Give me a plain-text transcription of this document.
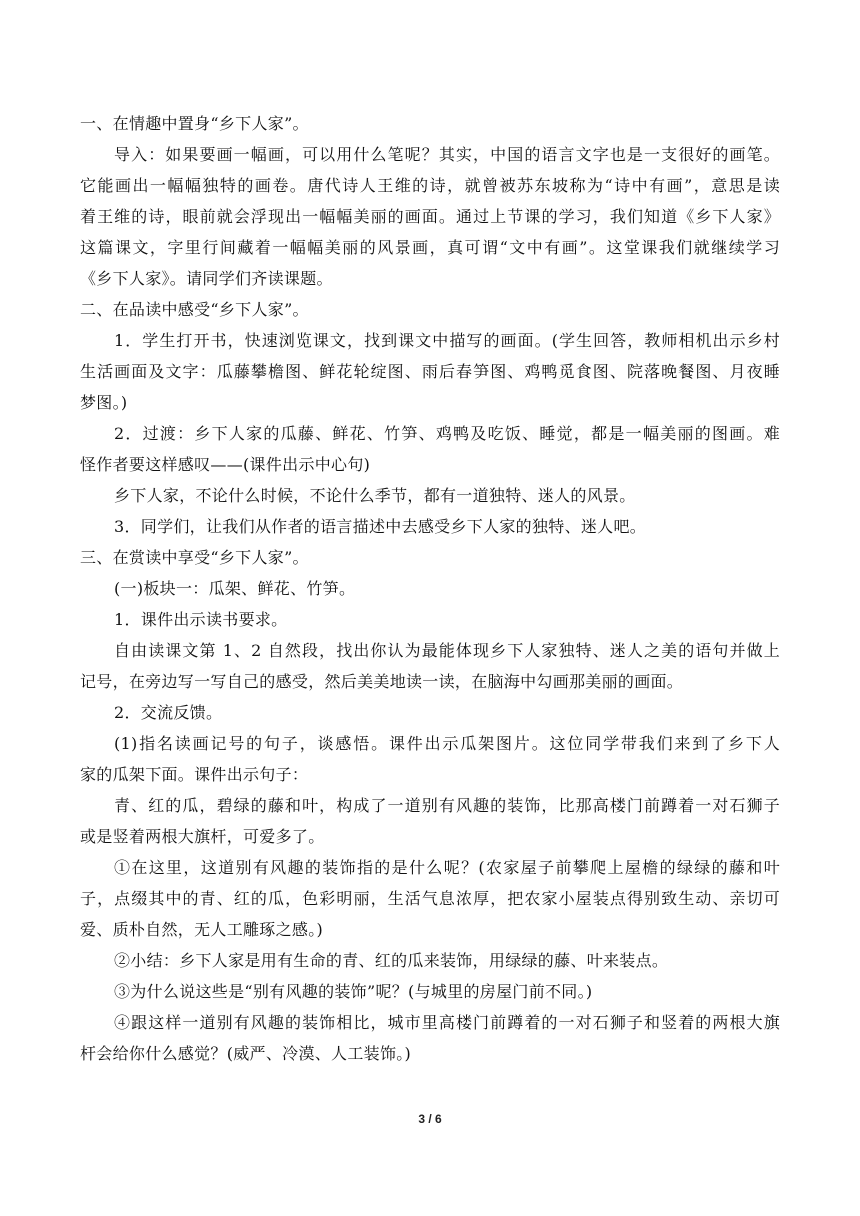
一、在情趣中置身“乡下人家”。
导入：如果要画一幅画，可以用什么笔呢？其实，中国的语言文字也是一支很好的画笔。
它能画出一幅幅独特的画卷。唐代诗人王维的诗，就曾被苏东坡称为“诗中有画”，意思是读
着王维的诗，眼前就会浮现出一幅幅美丽的画面。通过上节课的学习，我们知道《乡下人家》
这篇课文，字里行间藏着一幅幅美丽的风景画，真可谓“文中有画”。这堂课我们就继续学习
《乡下人家》。请同学们齐读课题。
二、在品读中感受“乡下人家”。
1．学生打开书，快速浏览课文，找到课文中描写的画面。(学生回答，教师相机出示乡村
生活画面及文字：瓜藤攀檐图、鲜花轮绽图、雨后春笋图、鸡鸭觅食图、院落晚餐图、月夜睡
梦图。)
2．过渡：乡下人家的瓜藤、鲜花、竹笋、鸡鸭及吃饭、睡觉，都是一幅美丽的图画。难
怪作者要这样感叹——(课件出示中心句)
乡下人家，不论什么时候，不论什么季节，都有一道独特、迷人的风景。
3．同学们，让我们从作者的语言描述中去感受乡下人家的独特、迷人吧。
三、在赏读中享受“乡下人家”。
(一)板块一：瓜架、鲜花、竹笋。
1．课件出示读书要求。
自由读课文第 1、2 自然段，找出你认为最能体现乡下人家独特、迷人之美的语句并做上
记号，在旁边写一写自己的感受，然后美美地读一读，在脑海中勾画那美丽的画面。
2．交流反馈。
(1)指名读画记号的句子，谈感悟。课件出示瓜架图片。这位同学带我们来到了乡下人
家的瓜架下面。课件出示句子：
青、红的瓜，碧绿的藤和叶，构成了一道别有风趣的装饰，比那高楼门前蹲着一对石狮子
或是竖着两根大旗杆，可爱多了。
①在这里，这道别有风趣的装饰指的是什么呢？(农家屋子前攀爬上屋檐的绿绿的藤和叶
子，点缀其中的青、红的瓜，色彩明丽，生活气息浓厚，把农家小屋装点得别致生动、亲切可
爱、质朴自然，无人工雕琢之感。)
②小结：乡下人家是用有生命的青、红的瓜来装饰，用绿绿的藤、叶来装点。
③为什么说这些是“别有风趣的装饰”呢？(与城里的房屋门前不同。)
④跟这样一道别有风趣的装饰相比，城市里高楼门前蹲着的一对石狮子和竖着的两根大旗
杆会给你什么感觉？(威严、冷漠、人工装饰。)
3 / 6
